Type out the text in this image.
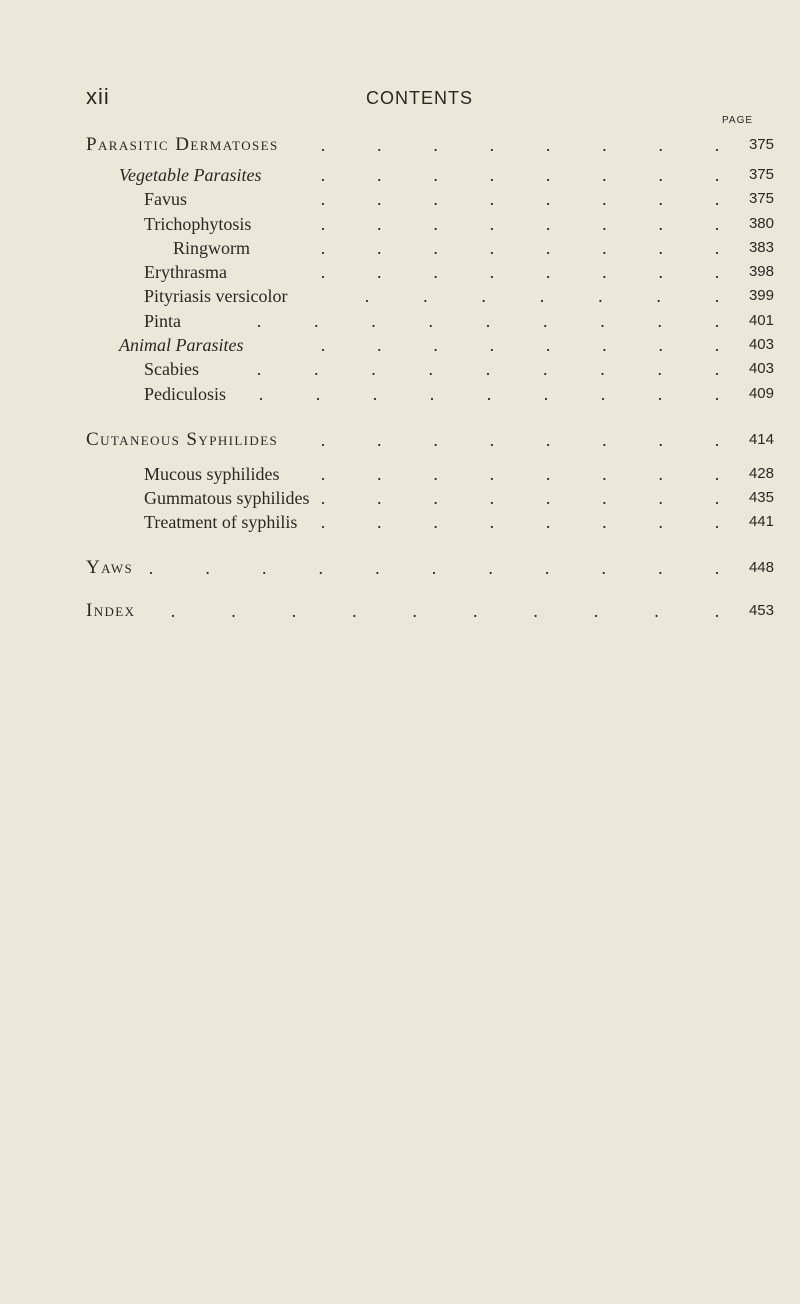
xii	CONTENTS
PAGE
Parasitic Dermatoses .	.	.	.	.	.	.	.	375
Vegetable Parasites	.	.	.	.	.	.	.	.	375
Favus	.	.	.	.	.	.	.	.	375
Trichophytosis	.	.	.	.	.	.	.	.	380
Ringworm	.	.	.	.	.	.	.	.	383
Erythrasma	.	.	.	.	.	.	.	.	398
Pityriasis versicolor	.	.	.	.	.	.	.	399
Pinta	.	.	.	.	.	.	.	.	.	401
Animal Parasites	.	.	.	.	.	.	.	.	403
Scabies	.	.	.	.	.	.	.	.	.	403
Pediculosis .	.	.	.	.	.	.	.	.	409
Cutaneous Syphilides .	.	.	.	.	.	.	.	414
Mucous syphilides .	.	.	.	.	.	.	.	428
Gummatous syphilides .	.	.	.	.	.	.	.	435
Treatment of syphilis .	.	.	.	.	.	.	.	441
Yaws .	.	.	.	.	.	.	.	.	.	.	448
Index .	.	.	.	.	.	.	.	.	.	453
